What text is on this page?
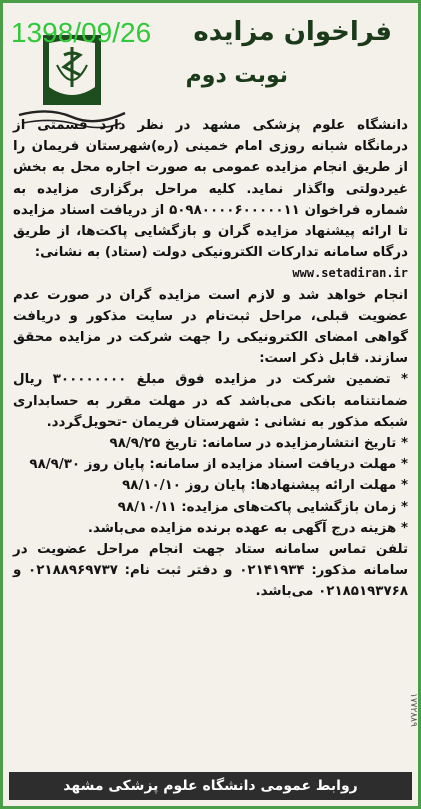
1398/09/26 فراخوان مزایده
نوبت دوم

دانشگاه علوم پزشکی مشهد در نظر دارد قسمتی از درمانگاه شبانه روزی امام خمینی (ره)شهرستان فریمان را از طریق انجام مزایده عمومی به صورت اجاره محل به بخش غیردولتی واگذار نماید. کلیه مراحل برگزاری مزایده به شماره فراخوان ۵۰۹۸۰۰۰۰۶۰۰۰۰۰۱۱ از دریافت اسناد مزایده تا ارائه پیشنهاد مزایده گران و بازگشایی پاکت‌ها، از طریق درگاه سامانه تدارکات الکترونیکی دولت (ستاد) به نشانی:

www.setadiran.ir

انجام خواهد شد و لازم است مزایده گران در صورت عدم عضویت قبلی، مراحل ثبت‌نام در سایت مذکور و دریافت گواهی امضای الکترونیکی را جهت شرکت در مزایده محقق سازند. قابل ذکر است:

* تضمین شرکت در مزایده فوق مبلغ ۳۰۰۰۰۰۰۰۰ ریال ضمانتنامه بانکی می‌باشد که در مهلت مقرر به حسابداری شبکه مذکور به نشانی : شهرستان فریمان -تحویل‌گردد.
* تاریخ انتشارمزایده در سامانه: تاریخ ۹۸/۹/۲۵
* مهلت دریافت اسناد مزایده از سامانه: پایان روز ۹۸/۹/۳۰
* مهلت ارائه پیشنهادها: پایان روز ۹۸/۱۰/۱۰
* زمان بازگشایی پاکت‌های مزایده: ۹۸/۱۰/۱۱
* هزینه درج آگهی به عهده برنده مزایده می‌باشد.

تلفن تماس سامانه ستاد جهت انجام مراحل عضویت در سامانه مذکور: ۰۲۱۴۱۹۳۴ و دفتر ثبت نام: ۰۲۱۸۸۹۶۹۷۳۷ و ۰۲۱۸۵۱۹۳۷۶۸ می‌باشد.

۱۷۷۲۸۸۹
روابط عمومی دانشگاه علوم پزشکی مشهد
